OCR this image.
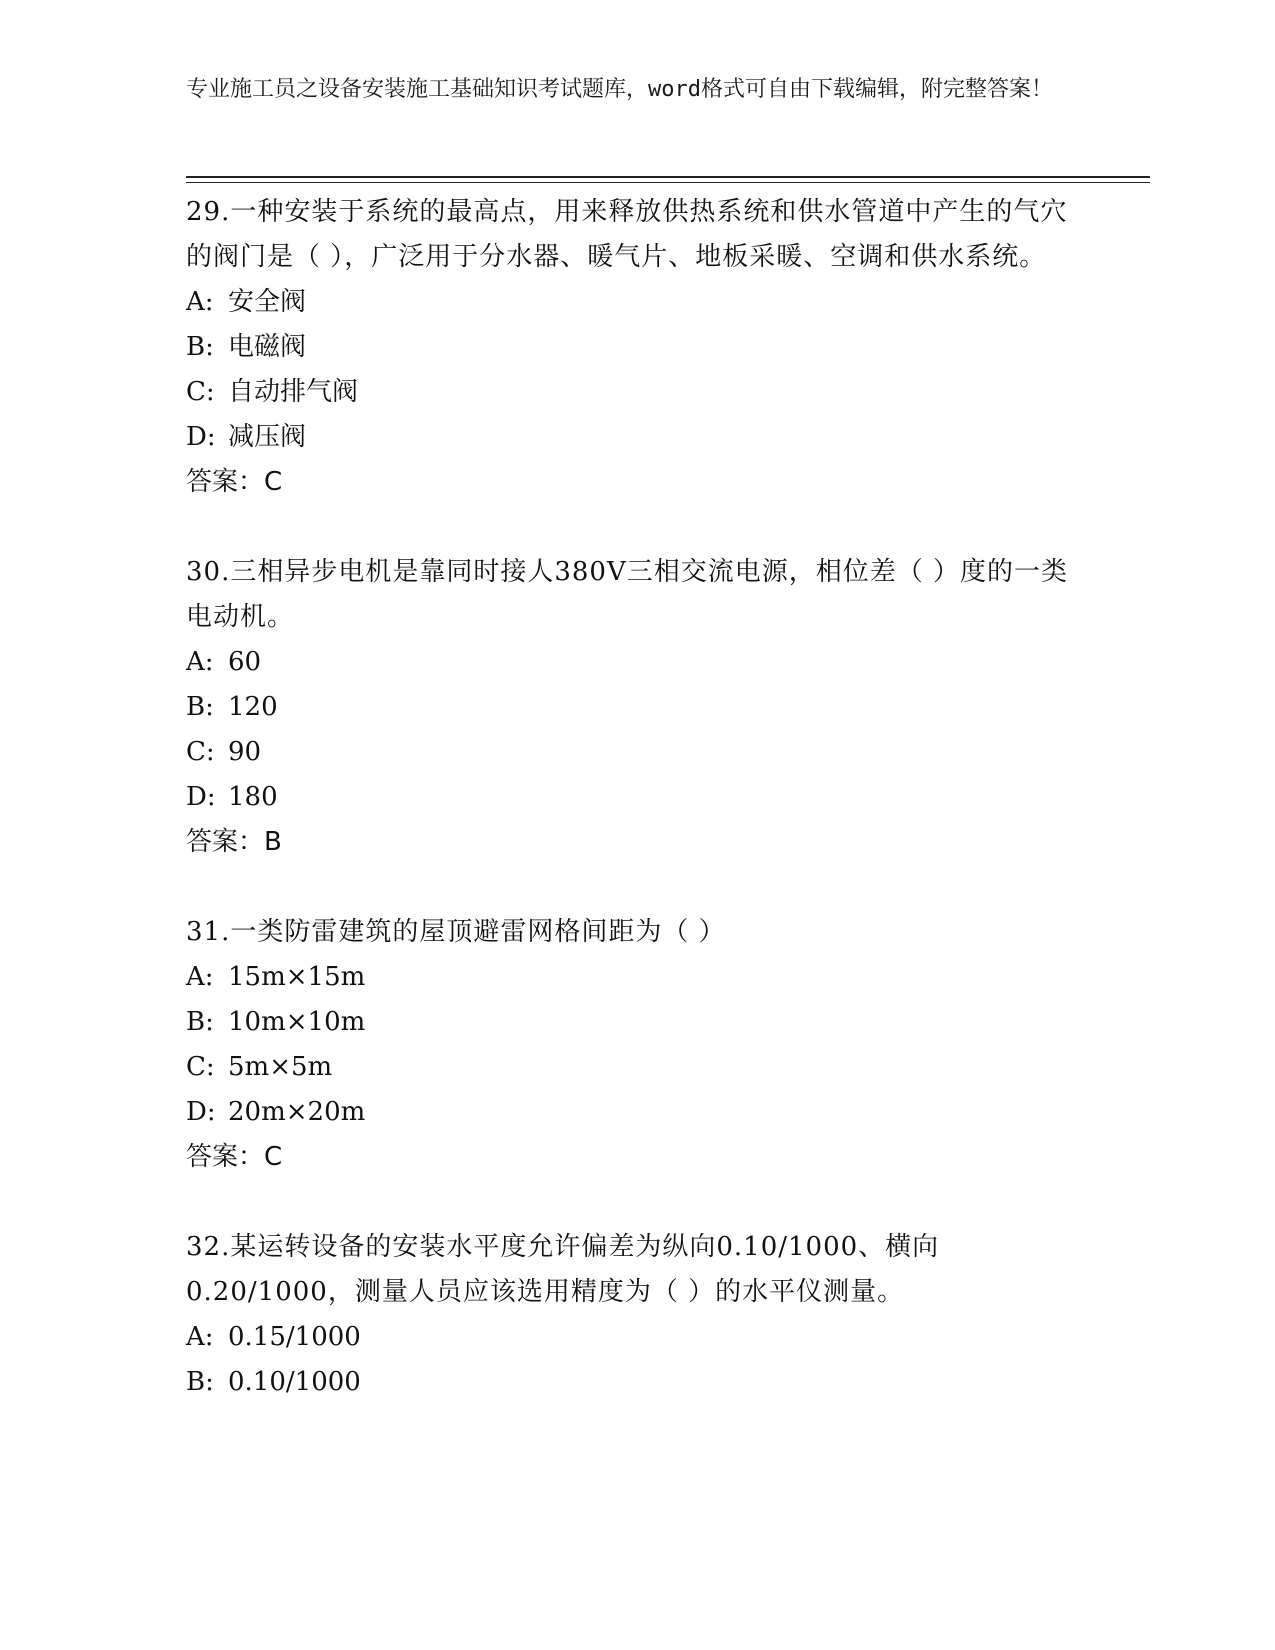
专业施工员之设备安装施工基础知识考试题库，word格式可自由下载编辑，附完整答案！

29.一种安装于系统的最高点，用来释放供热系统和供水管道中产生的气穴的阀门是（ ），广泛用于分水器、暖气片、地板采暖、空调和供水系统。

A: 安全阀

B: 电磁阀

C: 自动排气阀

D: 减压阀

答案：C

30.三相异步电机是靠同时接人380V三相交流电源，相位差（ ）度的一类电动机。

A: 60

B: 120

C: 90

D: 180

答案：B

31.一类防雷建筑的屋顶避雷网格间距为（ ）

A: 15m×15m

B: 10m×10m

C: 5m×5m

D: 20m×20m

答案：C

32.某运转设备的安装水平度允许偏差为纵向0.10/1000、横向0.20/1000，测量人员应该选用精度为（ ）的水平仪测量。

A: 0.15/1000

B: 0.10/1000
